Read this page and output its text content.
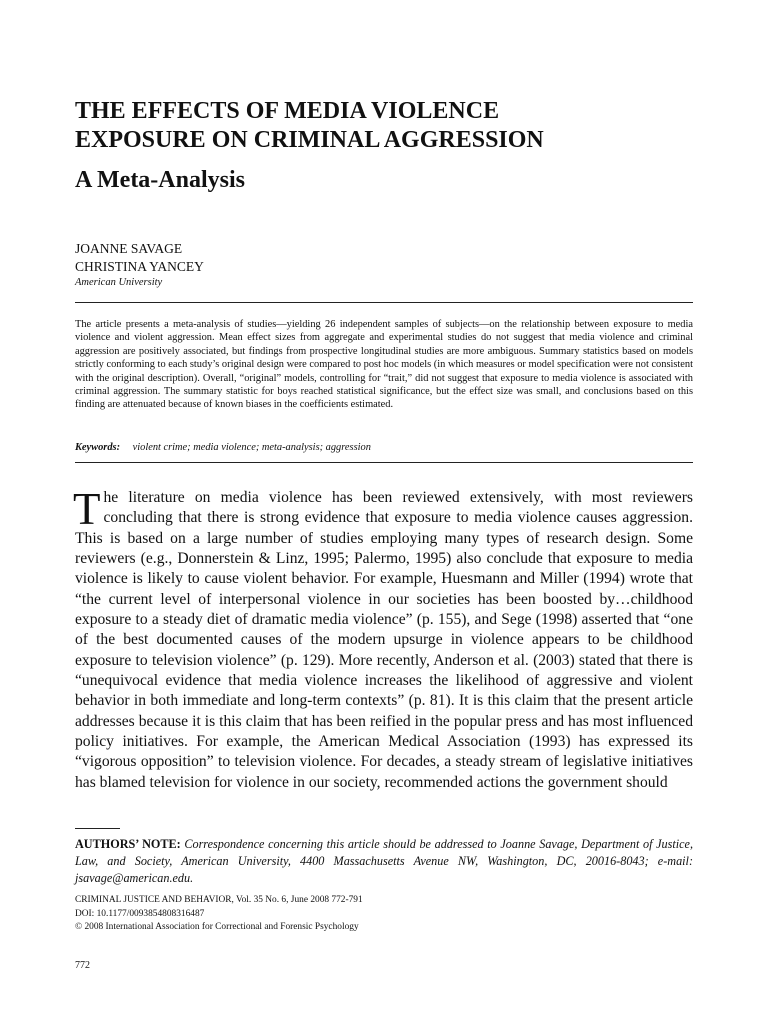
THE EFFECTS OF MEDIA VIOLENCE
EXPOSURE ON CRIMINAL AGGRESSION
A Meta-Analysis
JOANNE SAVAGE
CHRISTINA YANCEY
American University

The article presents a meta-analysis of studies—yielding 26 independent samples of subjects—on the relationship between exposure to media violence and violent aggression. Mean effect sizes from aggregate and experimental studies do not suggest that media violence and criminal aggression are positively associated, but findings from prospective longitudinal studies are more ambiguous. Summary statistics based on models strictly conforming to each study’s original design were compared to post hoc models (in which measures or model specification were not consistent with the original description). Overall, “original” models, controlling for “trait,” did not suggest that exposure to media violence is associated with criminal aggression. The summary statistic for boys reached statistical significance, but the effect size was small, and conclusions based on this finding are attenuated because of known biases in the coefficients estimated.

Keywords: violent crime; media violence; meta-analysis; aggression

The literature on media violence has been reviewed extensively, with most reviewers concluding that there is strong evidence that exposure to media violence causes aggression. This is based on a large number of studies employing many types of research design. Some reviewers (e.g., Donnerstein & Linz, 1995; Palermo, 1995) also conclude that exposure to media violence is likely to cause violent behavior. For example, Huesmann and Miller (1994) wrote that “the current level of interpersonal violence in our societies has been boosted by…childhood exposure to a steady diet of dramatic media violence” (p. 155), and Sege (1998) asserted that “one of the best documented causes of the modern upsurge in violence appears to be childhood exposure to television violence” (p. 129). More recently, Anderson et al. (2003) stated that there is “unequivocal evidence that media violence increases the likelihood of aggressive and violent behavior in both immediate and long-term contexts” (p. 81). It is this claim that the present article addresses because it is this claim that has been reified in the popular press and has most influenced policy initiatives. For example, the American Medical Association (1993) has expressed its “vigorous opposition” to television violence. For decades, a steady stream of legislative initiatives has blamed television for violence in our society, recommended actions the government should

AUTHORS’ NOTE: Correspondence concerning this article should be addressed to Joanne Savage, Department of Justice, Law, and Society, American University, 4400 Massachusetts Avenue NW, Washington, DC, 20016-8043; e-mail: jsavage@american.edu.

CRIMINAL JUSTICE AND BEHAVIOR, Vol. 35 No. 6, June 2008 772-791
DOI: 10.1177/0093854808316487
© 2008 International Association for Correctional and Forensic Psychology
772
